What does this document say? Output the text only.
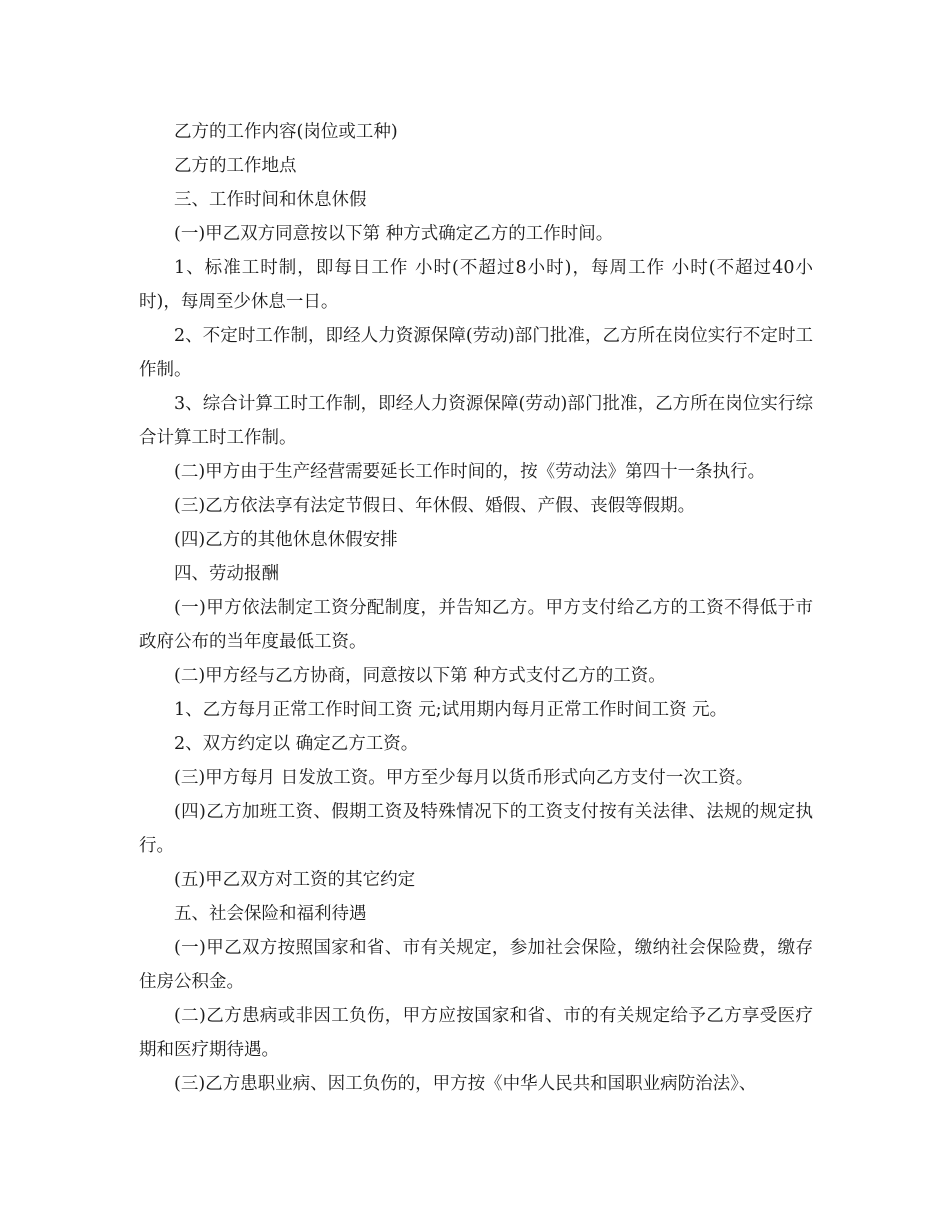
乙方的工作内容(岗位或工种)

乙方的工作地点

三、工作时间和休息休假

(一)甲乙双方同意按以下第 种方式确定乙方的工作时间。

1、标准工时制，即每日工作 小时(不超过8小时)，每周工作 小时(不超过40小时)，每周至少休息一日。

2、不定时工作制，即经人力资源保障(劳动)部门批准，乙方所在岗位实行不定时工作制。

3、综合计算工时工作制，即经人力资源保障(劳动)部门批准，乙方所在岗位实行综合计算工时工作制。

(二)甲方由于生产经营需要延长工作时间的，按《劳动法》第四十一条执行。

(三)乙方依法享有法定节假日、年休假、婚假、产假、丧假等假期。

(四)乙方的其他休息休假安排

四、劳动报酬

(一)甲方依法制定工资分配制度，并告知乙方。甲方支付给乙方的工资不得低于市政府公布的当年度最低工资。

(二)甲方经与乙方协商，同意按以下第 种方式支付乙方的工资。

1、乙方每月正常工作时间工资 元;试用期内每月正常工作时间工资 元。

2、双方约定以 确定乙方工资。

(三)甲方每月 日发放工资。甲方至少每月以货币形式向乙方支付一次工资。

(四)乙方加班工资、假期工资及特殊情况下的工资支付按有关法律、法规的规定执行。

(五)甲乙双方对工资的其它约定

五、社会保险和福利待遇

(一)甲乙双方按照国家和省、市有关规定，参加社会保险，缴纳社会保险费，缴存住房公积金。

(二)乙方患病或非因工负伤，甲方应按国家和省、市的有关规定给予乙方享受医疗期和医疗期待遇。

(三)乙方患职业病、因工负伤的，甲方按《中华人民共和国职业病防治法》、
